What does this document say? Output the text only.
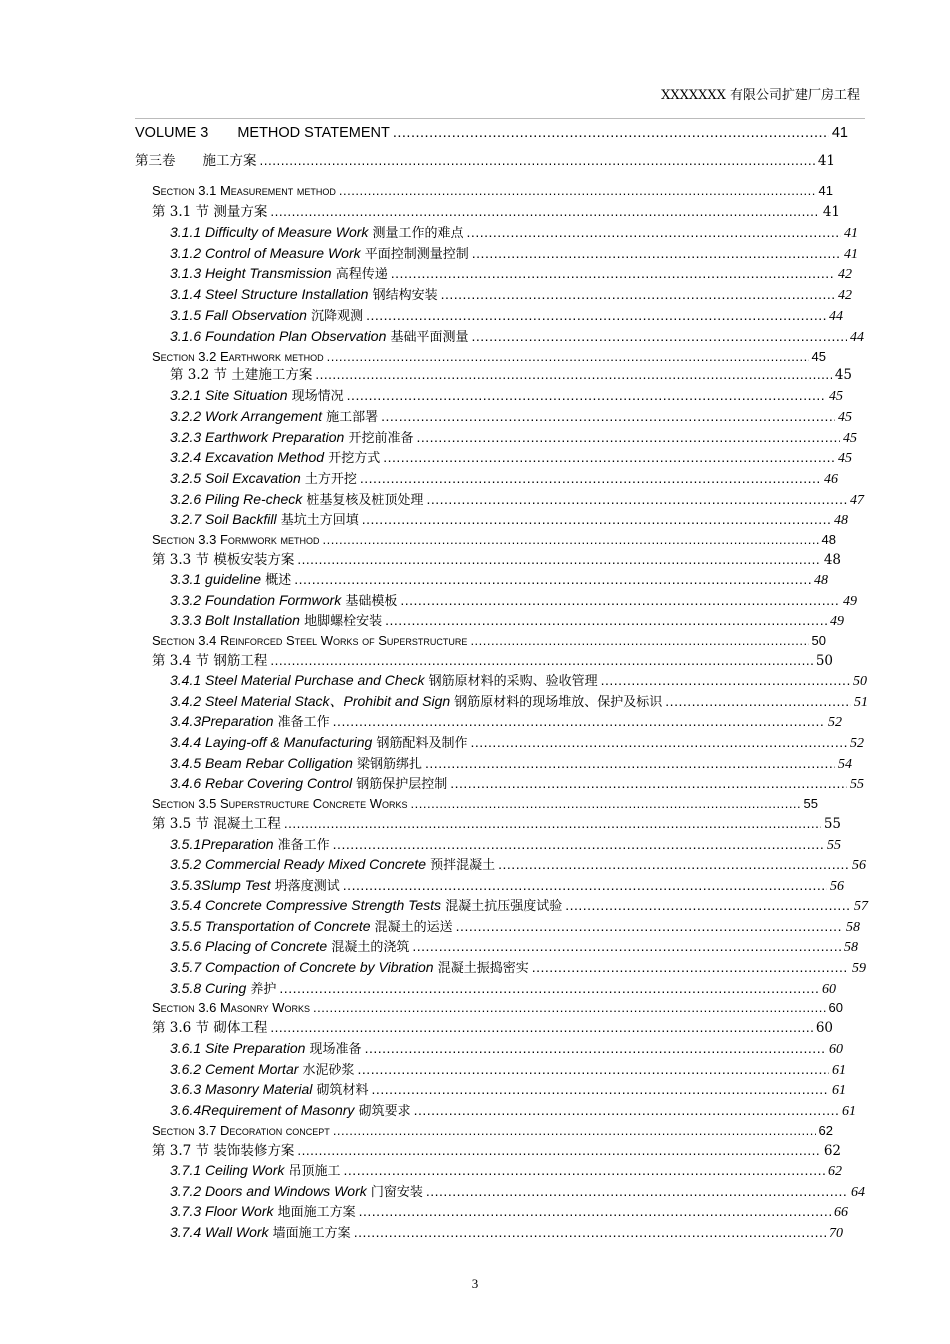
XXXXXXX 有限公司扩建厂房工程
VOLUME 3  METHOD STATEMENT .....	41
第三卷　　施工方案 .....	41
Section 3.1 Measurement method .....	41
第 3.1 节 测量方案 .....	41
3.1.1 Difficulty of Measure Work 测量工作的难点 .....	41
3.1.2 Control of Measure Work 平面控制测量控制 .....	41
3.1.3 Height Transmission 高程传递 .....	42
3.1.4 Steel Structure Installation 钢结构安装 .....	42
3.1.5 Fall Observation 沉降观测 .....	44
3.1.6 Foundation Plan Observation 基础平面测量 .....	44
Section 3.2 Earthwork method .....	45
第 3.2 节 土建施工方案 .....	45
3.2.1 Site Situation 现场情况 .....	45
3.2.2 Work Arrangement 施工部署 .....	45
3.2.3 Earthwork Preparation 开挖前准备 .....	45
3.2.4 Excavation Method 开挖方式 .....	45
3.2.5 Soil Excavation 土方开挖 .....	46
3.2.6 Piling Re-check 桩基复核及桩顶处理 .....	47
3.2.7 Soil Backfill 基坑土方回填 .....	48
Section 3.3 Formwork method .....	48
第 3.3 节 模板安装方案 .....	48
3.3.1 guideline 概述 .....	48
3.3.2 Foundation Formwork 基础模板 .....	49
3.3.3 Bolt Installation 地脚螺栓安装 .....	49
Section 3.4 Reinforced Steel Works of Superstructure .....	50
第 3.4 节 钢筋工程 .....	50
3.4.1 Steel Material Purchase and Check 钢筋原材料的采购、验收管理 .....	50
3.4.2 Steel Material Stack、Prohibit and Sign 钢筋原材料的现场堆放、保护及标识 .....	51
3.4.3Preparation 准备工作 .....	52
3.4.4 Laying-off & Manufacturing 钢筋配料及制作 .....	52
3.4.5 Beam Rebar Colligation 梁钢筋绑扎 .....	54
3.4.6 Rebar Covering Control 钢筋保护层控制 .....	55
Section 3.5 Superstructure Concrete Works .....	55
第 3.5 节 混凝土工程 .....	55
3.5.1Preparation 准备工作 .....	55
3.5.2 Commercial Ready Mixed Concrete 预拌混凝土 .....	56
3.5.3Slump Test 坍落度测试 .....	56
3.5.4 Concrete Compressive Strength Tests 混凝土抗压强度试验 .....	57
3.5.5 Transportation of Concrete 混凝土的运送 .....	58
3.5.6 Placing of Concrete 混凝土的浇筑 .....	58
3.5.7 Compaction of Concrete by Vibration 混凝土振捣密实 .....	59
3.5.8 Curing 养护 .....	60
Section 3.6 Masonry Works .....	60
第 3.6 节 砌体工程 .....	60
3.6.1 Site Preparation 现场准备 .....	60
3.6.2 Cement Mortar 水泥砂浆 .....	61
3.6.3 Masonry Material 砌筑材料 .....	61
3.6.4Requirement of Masonry 砌筑要求 .....	61
Section 3.7 Decoration concept .....	62
第 3.7 节 装饰装修方案 .....	62
3.7.1 Ceiling Work 吊顶施工 .....	62
3.7.2 Doors and Windows Work 门窗安装 .....	64
3.7.3 Floor Work 地面施工方案 .....	66
3.7.4 Wall Work 墙面施工方案 .....	70
3
